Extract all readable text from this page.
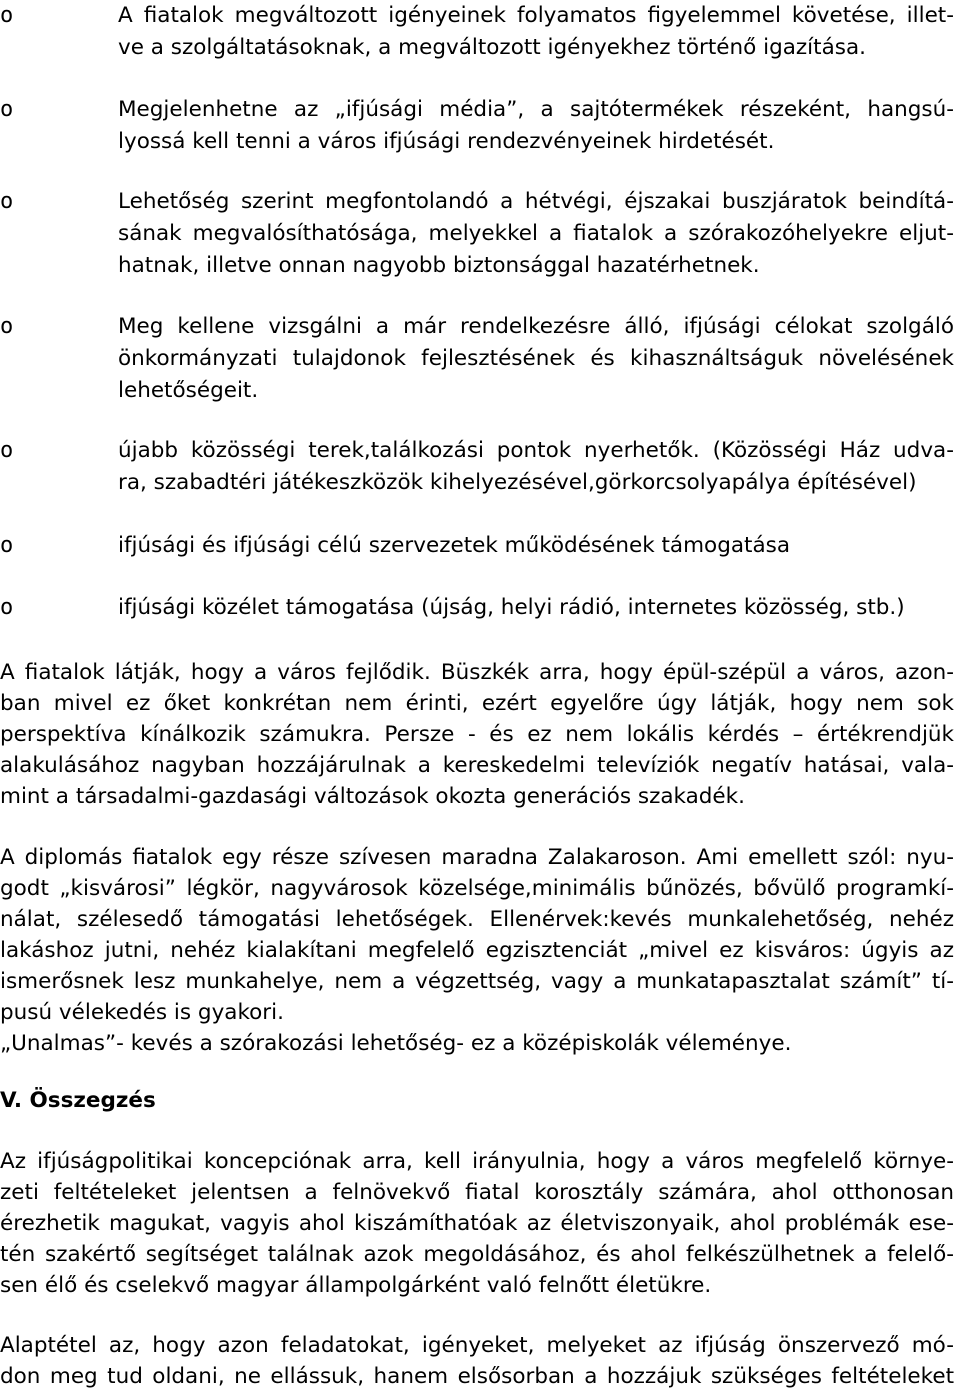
o	A fiatalok megváltozott igényeinek folyamatos figyelemmel követése, illet-
ve a szolgáltatásoknak, a megváltozott igényekhez történő igazítása.
o	Megjelenhetne az „ifjúsági média”, a sajtótermékek részeként, hangsú-
lyossá kell tenni a város ifjúsági rendezvényeinek hirdetését.
o	Lehetőség szerint megfontolandó a hétvégi, éjszakai buszjáratok beindítá-
sának megvalósíthatósága, melyekkel a fiatalok a szórakozóhelyekre eljut-
hatnak, illetve onnan nagyobb biztonsággal hazatérhetnek.
o	Meg kellene vizsgálni a már rendelkezésre álló, ifjúsági célokat szolgáló
önkormányzati tulajdonok fejlesztésének és kihasználtságuk növelésének
lehetőségeit.
o	újabb közösségi terek,találkozási pontok nyerhetők. (Közösségi Ház udva-
ra, szabadtéri játékeszközök kihelyezésével,görkorcsolyapálya építésével)
o	ifjúsági és ifjúsági célú szervezetek működésének támogatása
o	ifjúsági közélet támogatása (újság, helyi rádió, internetes közösség, stb.)
A fiatalok látják, hogy a város fejlődik. Büszkék arra, hogy épül-szépül a város, azon-
ban mivel ez őket konkrétan nem érinti, ezért egyelőre úgy látják, hogy nem sok
perspektíva kínálkozik számukra. Persze - és ez nem lokális kérdés – értékrendjük
alakulásához nagyban hozzájárulnak a kereskedelmi televíziók negatív hatásai, vala-
mint a társadalmi-gazdasági változások okozta generációs szakadék.
A diplomás fiatalok egy része szívesen maradna Zalakaroson. Ami emellett szól: nyu-
godt „kisvárosi” légkör, nagyvárosok közelsége,minimális bűnözés, bővülő programkí-
nálat, szélesedő támogatási lehetőségek. Ellenérvek:kevés munkalehetőség, nehéz
lakáshoz jutni, nehéz kialakítani megfelelő egzisztenciát „mivel ez kisváros: úgyis az
ismerősnek lesz munkahelye, nem a végzettség, vagy a munkatapasztalat számít” tí-
pusú vélekedés is gyakori.
„Unalmas”- kevés a szórakozási lehetőség- ez a középiskolák véleménye.
V. Összegzés
Az ifjúságpolitikai koncepciónak arra, kell irányulnia, hogy a város megfelelő környe-
zeti feltételeket jelentsen a felnövekvő fiatal korosztály számára, ahol otthonosan
érezhetik magukat, vagyis ahol kiszámíthatóak az életviszonyaik, ahol problémák ese-
tén szakértő segítséget találnak azok megoldásához, és ahol felkészülhetnek a felelő-
sen élő és cselekvő magyar állampolgárként való felnőtt életükre.
Alaptétel az, hogy azon feladatokat, igényeket, melyeket az ifjúság önszervező mó-
don meg tud oldani, ne ellássuk, hanem elsősorban a hozzájuk szükséges feltételeket
